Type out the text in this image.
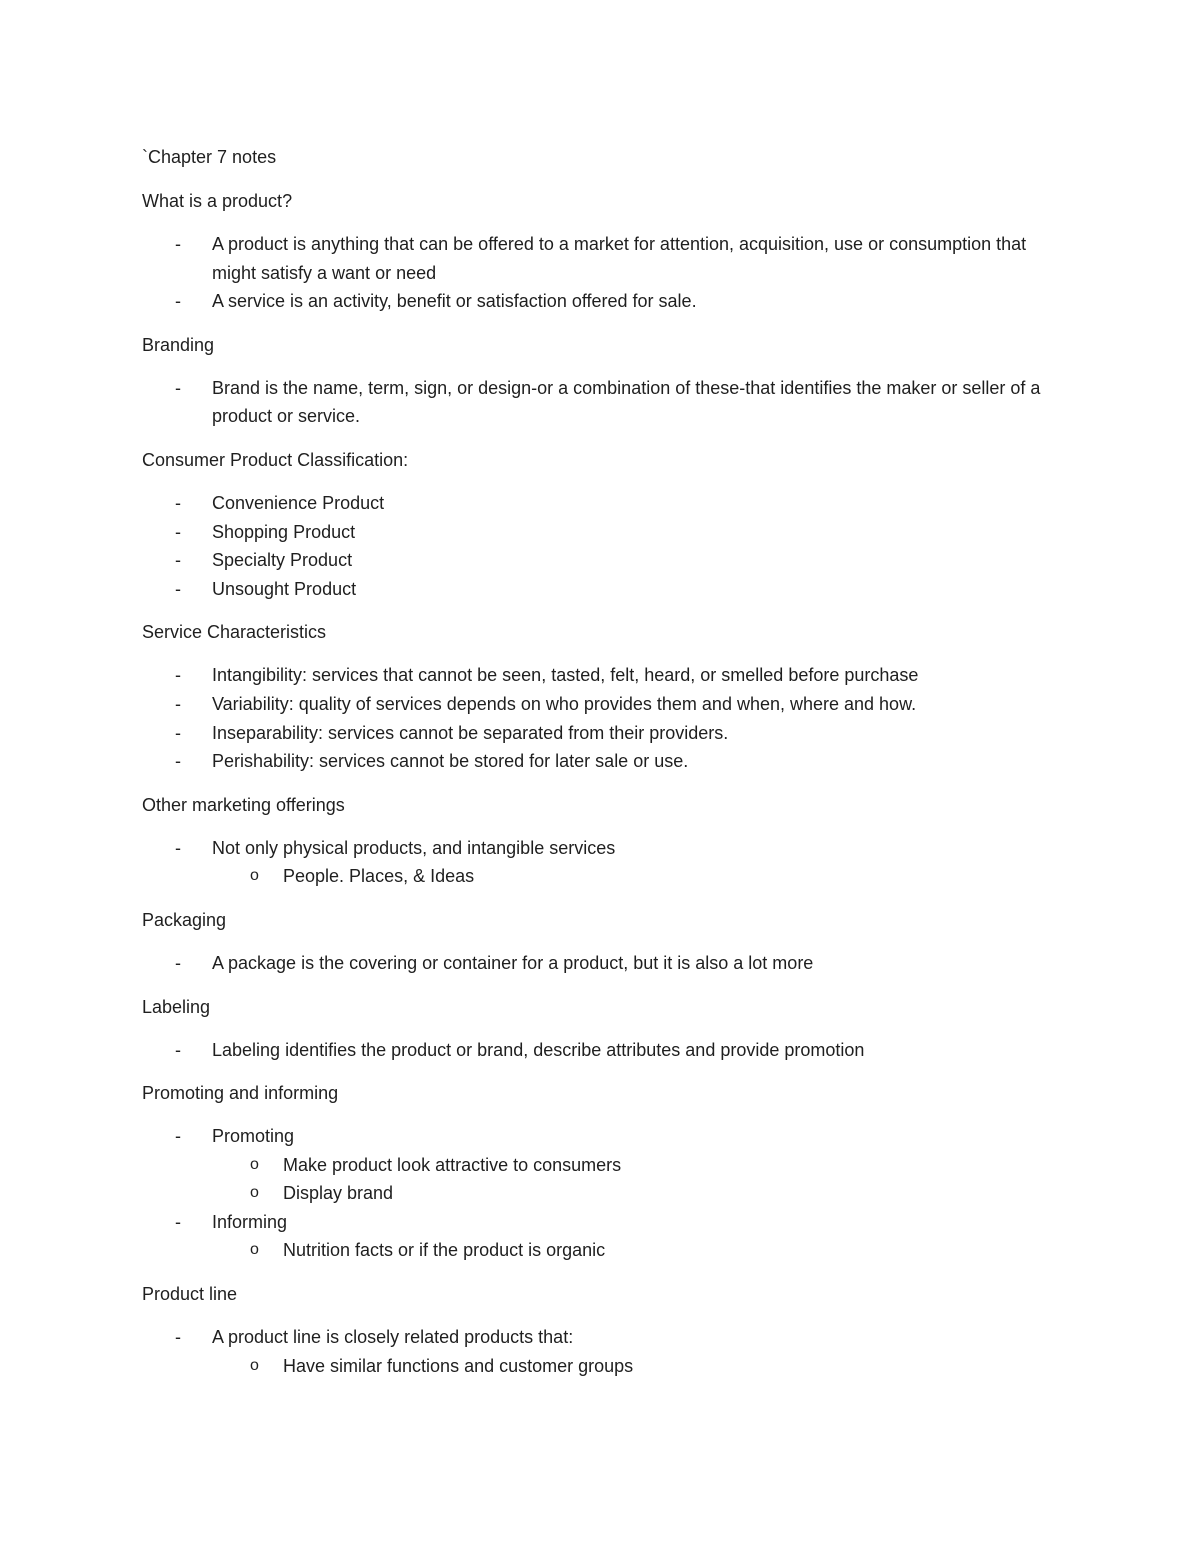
`Chapter 7 notes
What is a product?
- A product is anything that can be offered to a market for attention, acquisition, use or consumption that might satisfy a want or need
- A service is an activity, benefit or satisfaction offered for sale.
Branding
- Brand is the name, term, sign, or design-or a combination of these-that identifies the maker or seller of a product or service.
Consumer Product Classification:
- Convenience Product
- Shopping Product
- Specialty Product
- Unsought Product
Service Characteristics
- Intangibility: services that cannot be seen, tasted, felt, heard, or smelled before purchase
- Variability: quality of services depends on who provides them and when, where and how.
- Inseparability: services cannot be separated from their providers.
- Perishability: services cannot be stored for later sale or use.
Other marketing offerings
- Not only physical products, and intangible services
o People. Places, & Ideas
Packaging
- A package is the covering or container for a product, but it is also a lot more
Labeling
- Labeling identifies the product or brand, describe attributes and provide promotion
Promoting and informing
- Promoting
o Make product look attractive to consumers
o Display brand
- Informing
o Nutrition facts or if the product is organic
Product line
- A product line is closely related products that:
o Have similar functions and customer groups
